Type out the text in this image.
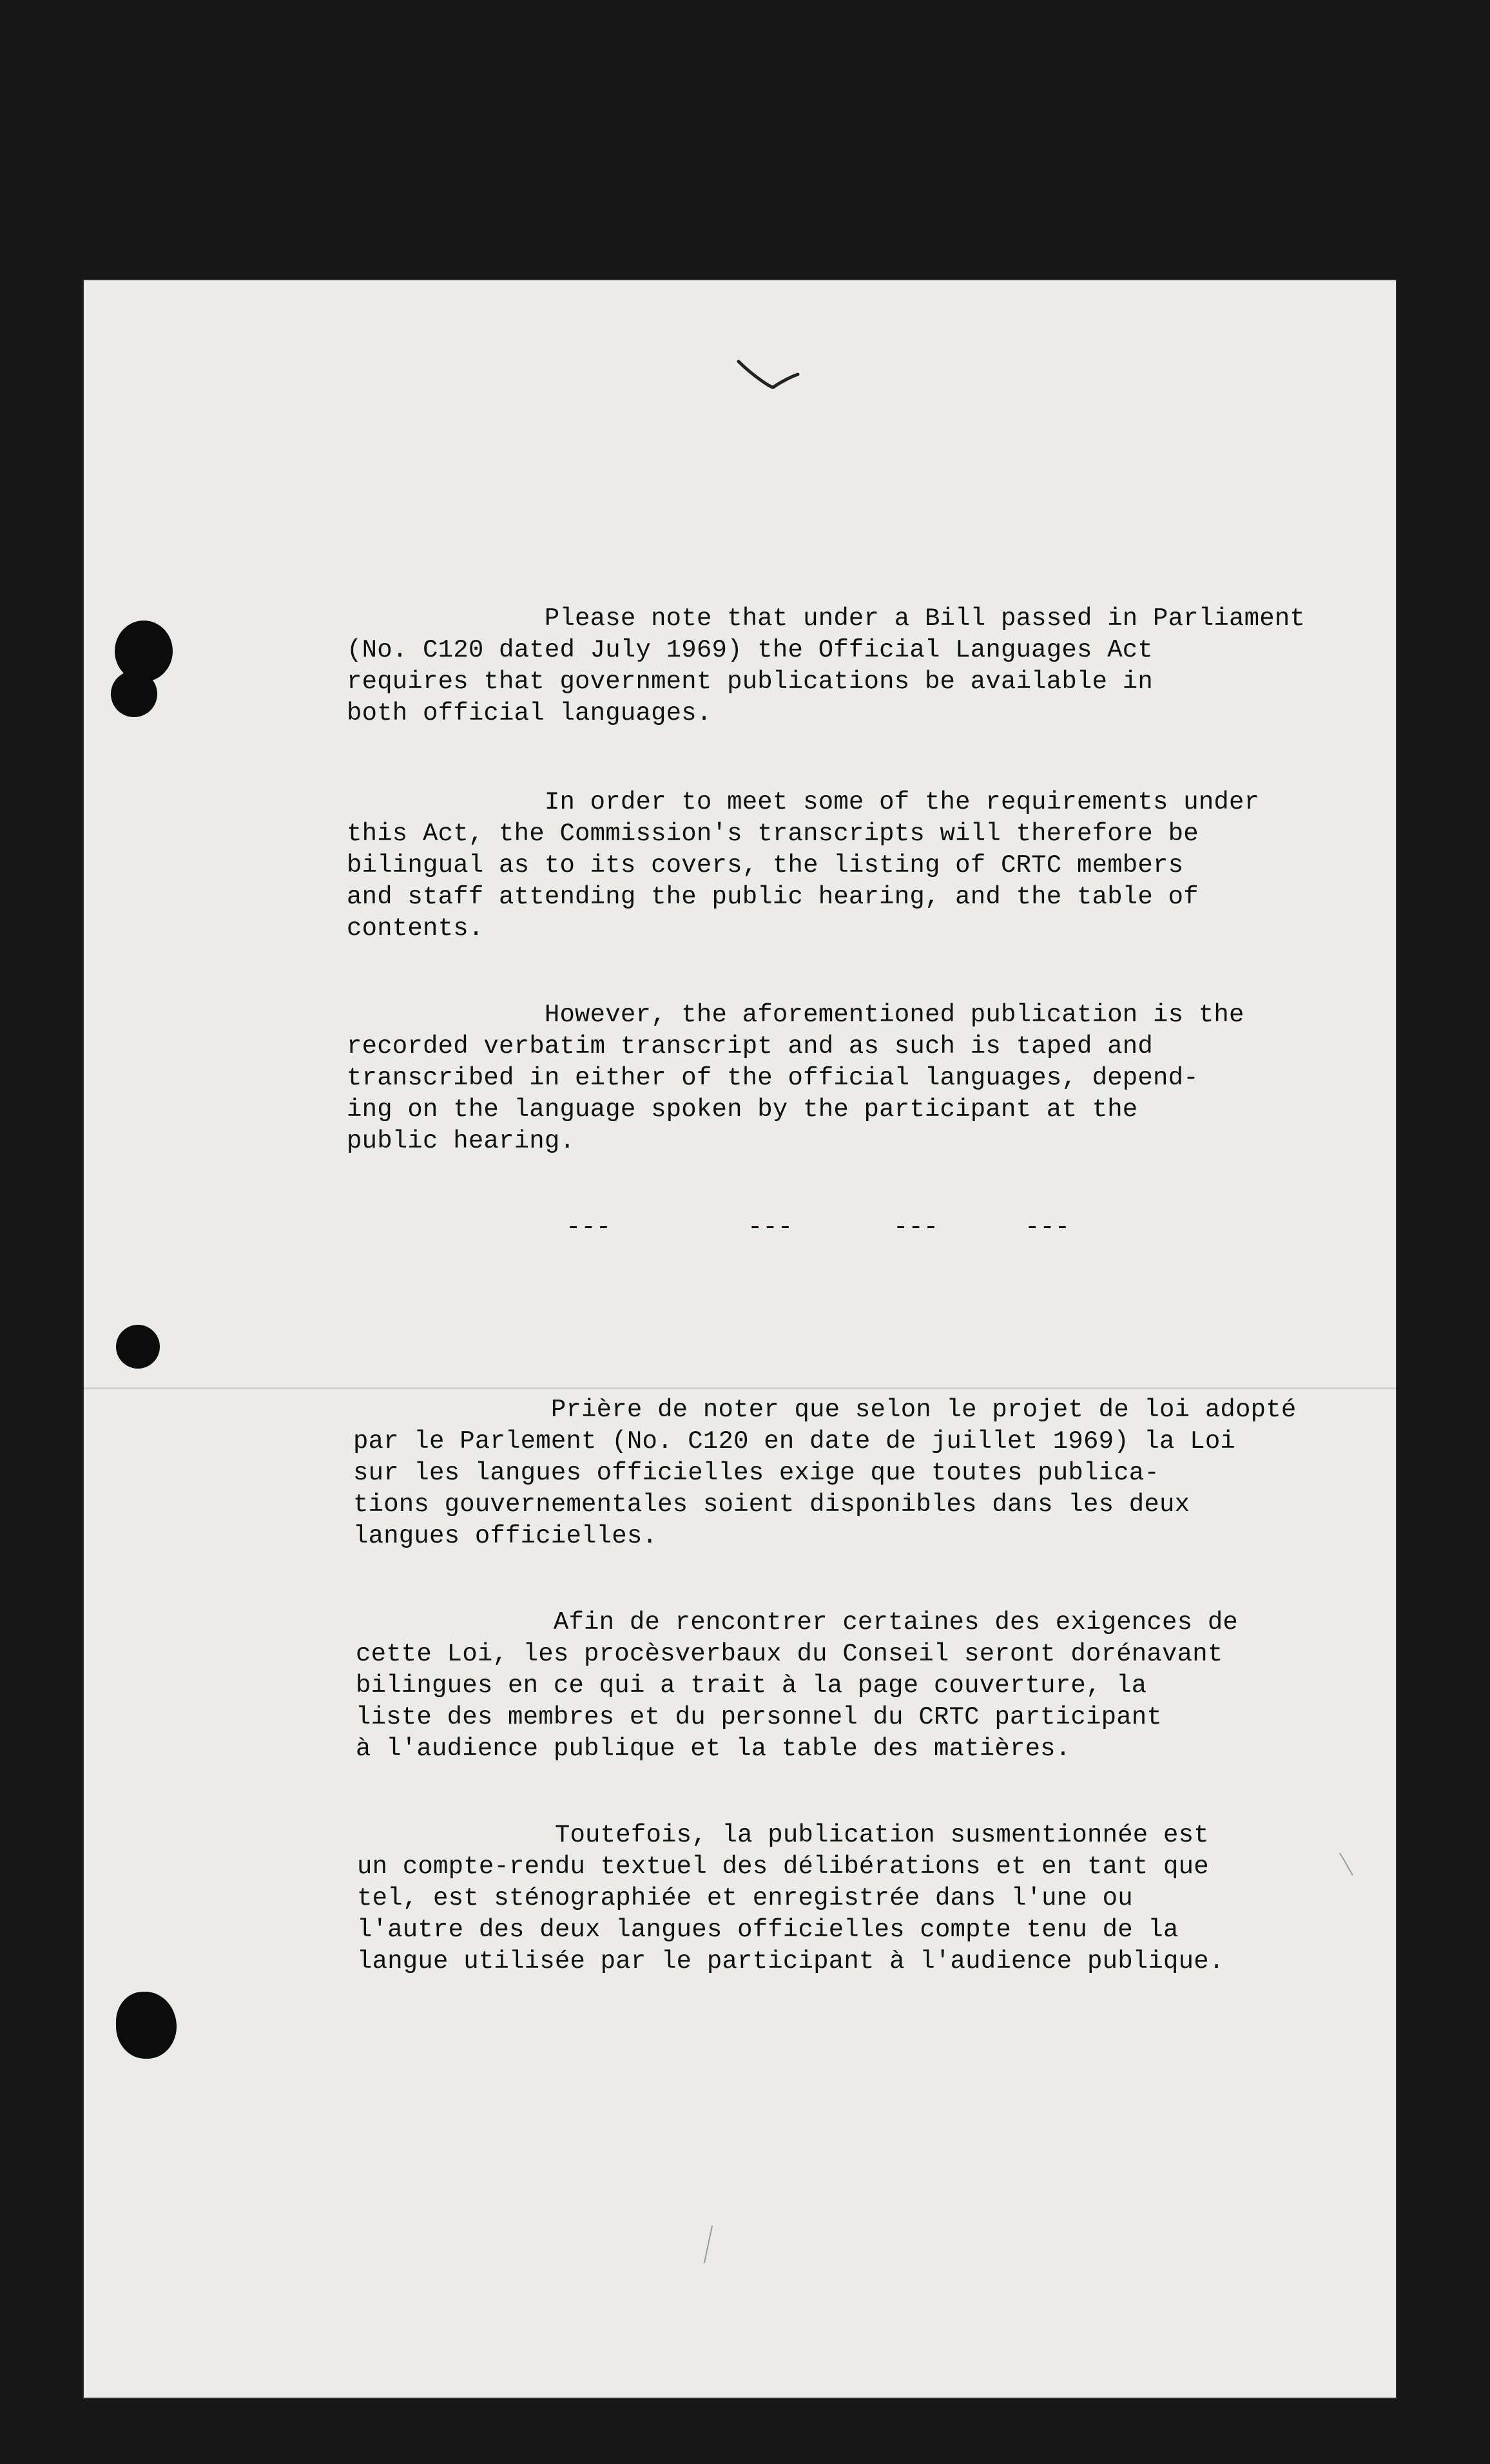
Please note that under a Bill passed in Parliament
(No. C120 dated July 1969) the Official Languages Act
requires that government publications be available in
both official languages.

In order to meet some of the requirements under
this Act, the Commission's transcripts will therefore be
bilingual as to its covers, the listing of CRTC members
and staff attending the public hearing, and the table of
contents.

However, the aforementioned publication is the
recorded verbatim transcript and as such is taped and
transcribed in either of the official languages, depend-
ing on the language spoken by the participant at the
public hearing.

---	---	---	---

Prière de noter que selon le projet de loi adopté
par le Parlement (No. C120 en date de juillet 1969) la Loi
sur les langues officielles exige que toutes publica-
tions gouvernementales soient disponibles dans les deux
langues officielles.

Afin de rencontrer certaines des exigences de
cette Loi, les procèsverbaux du Conseil seront dorénavant
bilingues en ce qui a trait à la page couverture, la
liste des membres et du personnel du CRTC participant
à l'audience publique et la table des matières.

Toutefois, la publication susmentionnée est
un compte-rendu textuel des délibérations et en tant que
tel, est sténographiée et enregistrée dans l'une ou
l'autre des deux langues officielles compte tenu de la
langue utilisée par le participant à l'audience publique.
